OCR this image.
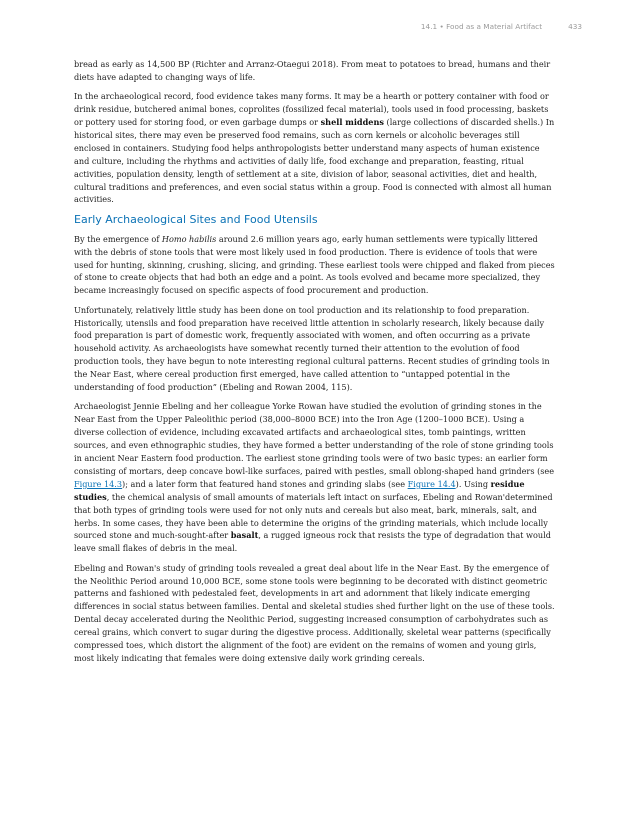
14.1 • Food as a Material Artifact	433

bread as early as 14,500 BP (Richter and Arranz-Otaegui 2018). From meat to potatoes to bread, humans and their diets have adapted to changing ways of life.

In the archaeological record, food evidence takes many forms. It may be a hearth or pottery container with food or drink residue, butchered animal bones, coprolites (fossilized fecal material), tools used in food processing, baskets or pottery used for storing food, or even garbage dumps or shell middens (large collections of discarded shells.) In historical sites, there may even be preserved food remains, such as corn kernels or alcoholic beverages still enclosed in containers. Studying food helps anthropologists better understand many aspects of human existence and culture, including the rhythms and activities of daily life, food exchange and preparation, feasting, ritual activities, population density, length of settlement at a site, division of labor, seasonal activities, diet and health, cultural traditions and preferences, and even social status within a group. Food is connected with almost all human activities.

Early Archaeological Sites and Food Utensils

By the emergence of Homo habilis around 2.6 million years ago, early human settlements were typically littered with the debris of stone tools that were most likely used in food production. There is evidence of tools that were used for hunting, skinning, crushing, slicing, and grinding. These earliest tools were chipped and flaked from pieces of stone to create objects that had both an edge and a point. As tools evolved and became more specialized, they became increasingly focused on specific aspects of food procurement and production.

Unfortunately, relatively little study has been done on tool production and its relationship to food preparation. Historically, utensils and food preparation have received little attention in scholarly research, likely because daily food preparation is part of domestic work, frequently associated with women, and often occurring as a private household activity. As archaeologists have somewhat recently turned their attention to the evolution of food production tools, they have begun to note interesting regional cultural patterns. Recent studies of grinding tools in the Near East, where cereal production first emerged, have called attention to “untapped potential in the understanding of food production” (Ebeling and Rowan 2004, 115).

Archaeologist Jennie Ebeling and her colleague Yorke Rowan have studied the evolution of grinding stones in the Near East from the Upper Paleolithic period (38,000–8000 BCE) into the Iron Age (1200–1000 BCE). Using a diverse collection of evidence, including excavated artifacts and archaeological sites, tomb paintings, written sources, and even ethnographic studies, they have formed a better understanding of the role of stone grinding tools in ancient Near Eastern food production. The earliest stone grinding tools were of two basic types: an earlier form consisting of mortars, deep concave bowl-like surfaces, paired with pestles, small oblong-shaped hand grinders (see Figure 14.3); and a later form that featured hand stones and grinding slabs (see Figure 14.4). Using residue studies, the chemical analysis of small amounts of materials left intact on surfaces, Ebeling and Rowan'determined that both types of grinding tools were used for not only nuts and cereals but also meat, bark, minerals, salt, and herbs. In some cases, they have been able to determine the origins of the grinding materials, which include locally sourced stone and much-sought-after basalt, a rugged igneous rock that resists the type of degradation that would leave small flakes of debris in the meal.

Ebeling and Rowan's study of grinding tools revealed a great deal about life in the Near East. By the emergence of the Neolithic Period around 10,000 BCE, some stone tools were beginning to be decorated with distinct geometric patterns and fashioned with pedestaled feet, developments in art and adornment that likely indicate emerging differences in social status between families. Dental and skeletal studies shed further light on the use of these tools. Dental decay accelerated during the Neolithic Period, suggesting increased consumption of carbohydrates such as cereal grains, which convert to sugar during the digestive process. Additionally, skeletal wear patterns (specifically compressed toes, which distort the alignment of the foot) are evident on the remains of women and young girls, most likely indicating that females were doing extensive daily work grinding cereals.
